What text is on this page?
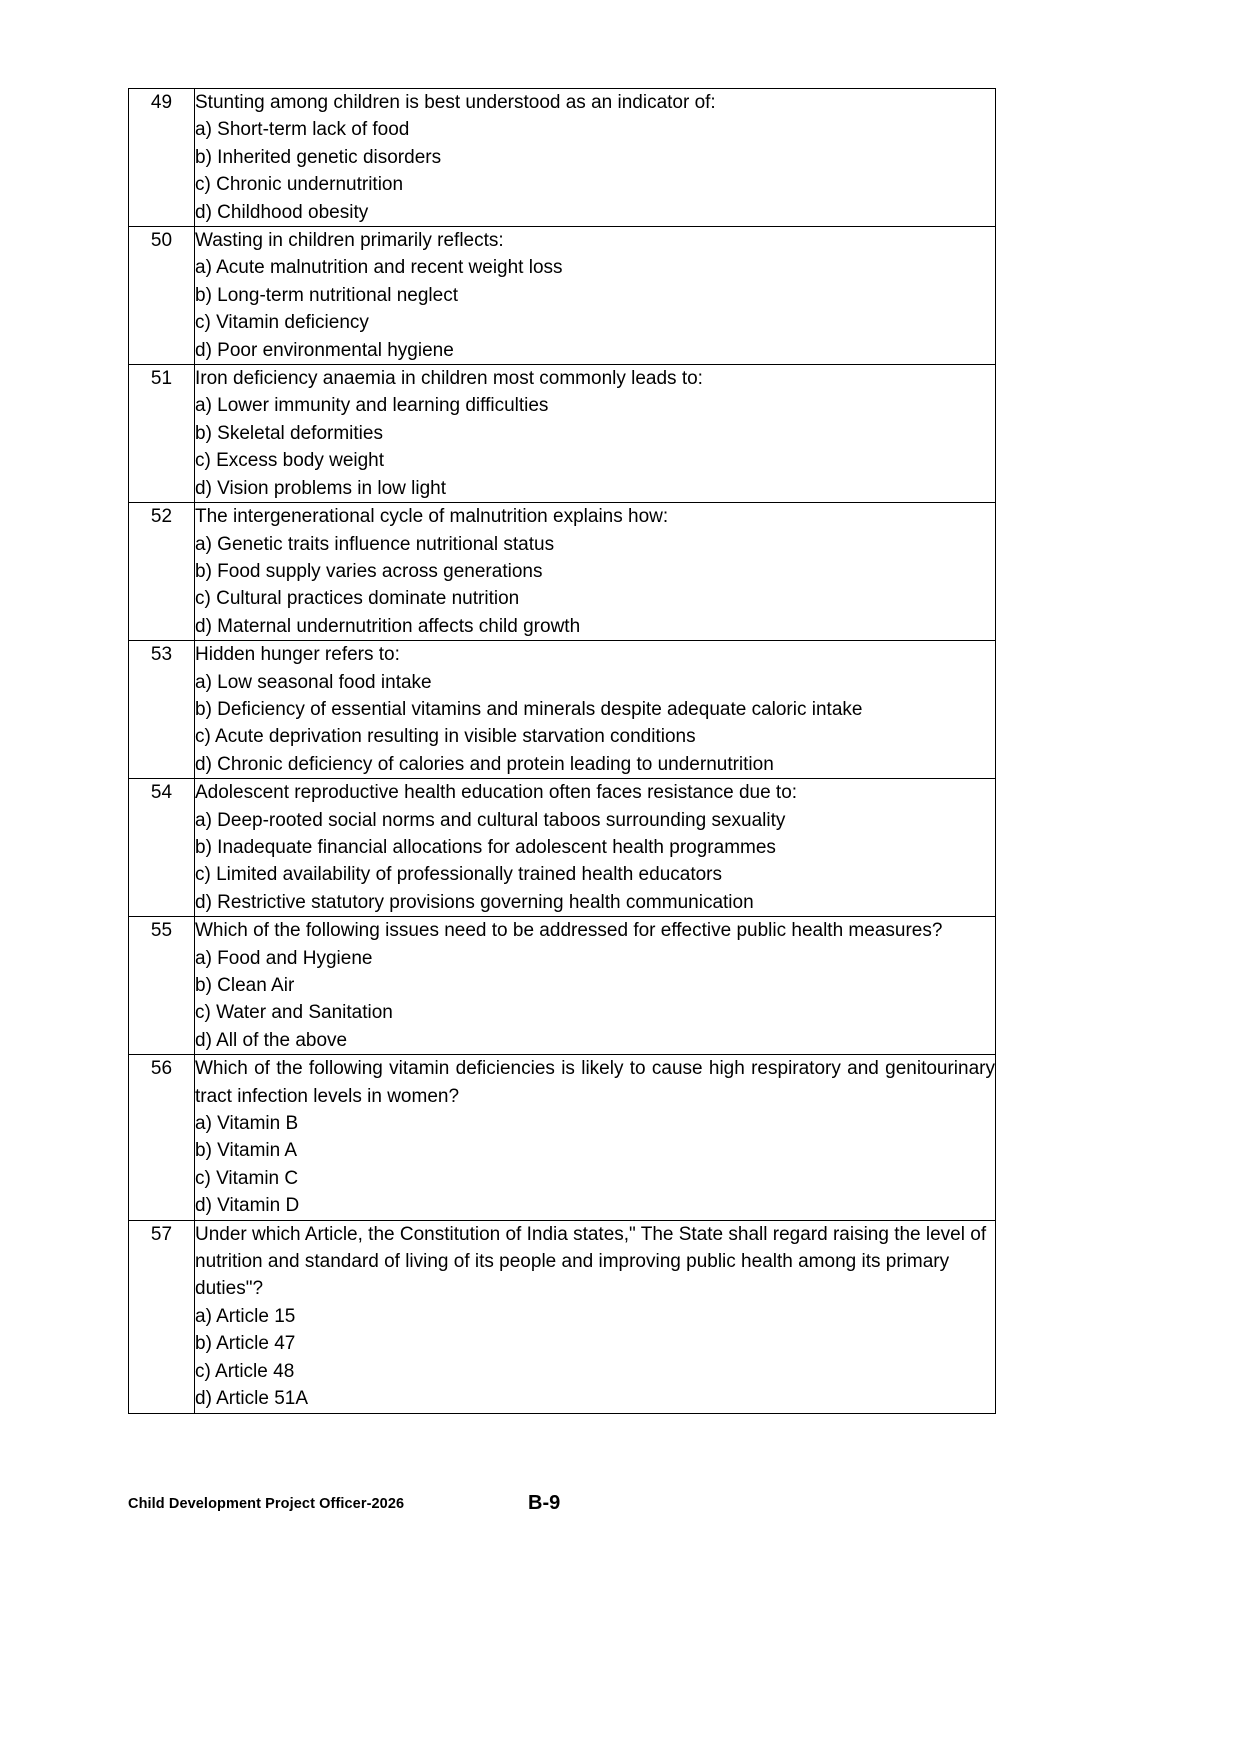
49	Stunting among children is best understood as an indicator of:

a) Short-term lack of food

b) Inherited genetic disorders

c) Chronic undernutrition

d) Childhood obesity

50	Wasting in children primarily reflects:

a) Acute malnutrition and recent weight loss

b) Long-term nutritional neglect

c) Vitamin deficiency

d) Poor environmental hygiene

51	Iron deficiency anaemia in children most commonly leads to:

a) Lower immunity and learning difficulties

b) Skeletal deformities

c) Excess body weight

d) Vision problems in low light

52	The intergenerational cycle of malnutrition explains how:

a) Genetic traits influence nutritional status

b) Food supply varies across generations

c) Cultural practices dominate nutrition

d) Maternal undernutrition affects child growth

53	Hidden hunger refers to:

a) Low seasonal food intake

b) Deficiency of essential vitamins and minerals despite adequate caloric intake

c) Acute deprivation resulting in visible starvation conditions

d) Chronic deficiency of calories and protein leading to undernutrition

54	Adolescent reproductive health education often faces resistance due to:

a) Deep-rooted social norms and cultural taboos surrounding sexuality

b) Inadequate financial allocations for adolescent health programmes

c) Limited availability of professionally trained health educators

d) Restrictive statutory provisions governing health communication

55	Which of the following issues need to be addressed for effective public health measures?

a) Food and Hygiene

b) Clean Air

c) Water and Sanitation

d) All of the above

56	Which of the following vitamin deficiencies is likely to cause high respiratory and genitourinary tract infection levels in women?

a) Vitamin B

b) Vitamin A

c) Vitamin C

d) Vitamin D

57	Under which Article, the Constitution of India states," The State shall regard raising the level of nutrition and standard of living of its people and improving public health among its primary duties"?

a) Article 15

b) Article 47

c) Article 48

d) Article 51A

Child Development Project Officer-2026	B-9
